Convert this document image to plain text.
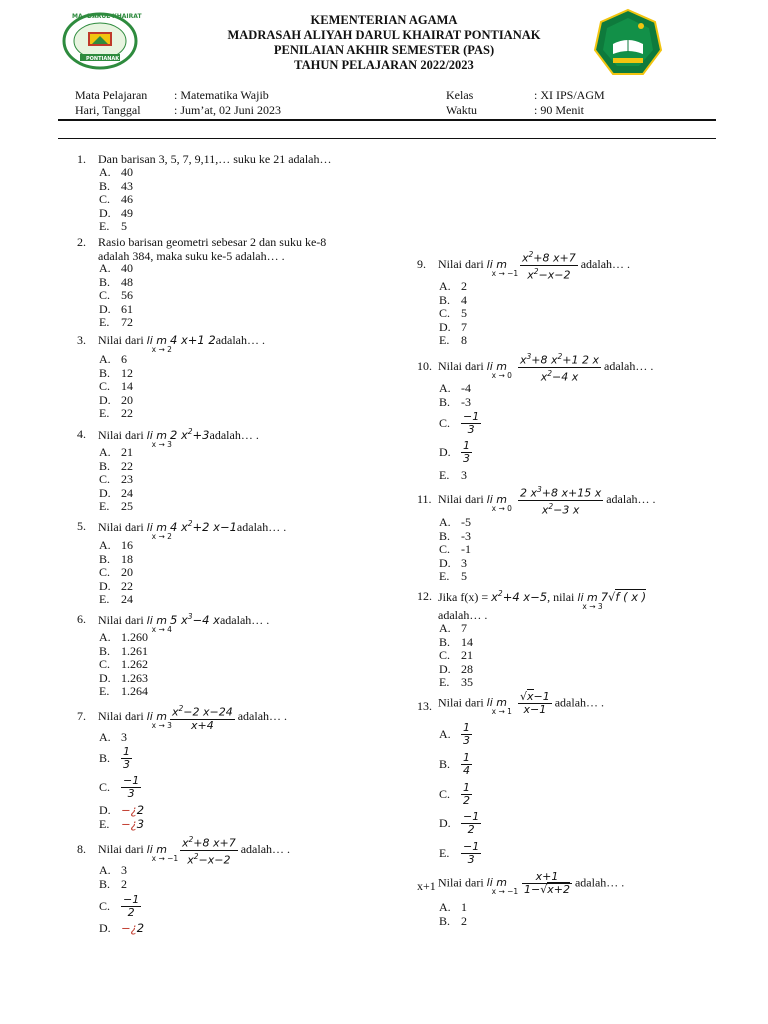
MA. DARUL KHAIRAT
PONTIANAK
KEMENTERIAN AGAMA
MADRASAH ALIYAH DARUL KHAIRAT PONTIANAK
PENILAIAN AKHIR SEMESTER (PAS)
TAHUN PELAJARAN 2022/2023
Mata Pelajaran : Matematika Wajib
Hari, Tanggal	: Jum’at, 02 Juni 2023
Kelas	: XI IPS/AGM
Waktu	: 90 Menit
1. Dan barisan 3, 5, 7, 9,11,… suku ke 21 adalah…
A. 40
B. 43
C. 46
D. 49
E. 5
2. Rasio barisan geometri sebesar 2 dan suku ke-8
adalah 384, maka suku ke-5 adalah… .
A. 40
B. 48
C. 56
D. 61
E. 72
3. Nilai dari li m
x → 2
4 x+1 2adalah… .
A. 6
B. 12
C. 14
D. 20
E. 22
4. Nilai dari li m
x → 3
2 $x^2+3adalah\dots$ .
A. 21
B. 22
C. 23
D. 24
E. 25
5. Nilai dari li m
x → 2
4 $x^2+2$ x−1adalah… .
A. 16
B. 18
C. 20
D. 22
E. 24
6. Nilai dari li m
x → 4
5 $x^3-4$ xadalah… .
A. 1.260
B. 1.261
C. 1.262
D. 1.263
E. 1.264
7. Nilai dari li m
x → 3

$\frac{x^2-2 x-24}{x+4}$ adalah… .
A. 3
B. $\frac{1}{3}$
C. $\frac{-1}{3}$
D. −¿2
E. −¿3
8. Nilai dari li m
x → −1
$\frac{x^2+8 x+7}{x^2-x-2}$ adalah… .
A. 3
B. 2
C. $\frac{-1}{2}$
D. −¿2
9. Nilai dari li m
x → −1
$\frac{x^2+8 x+7}{x^2-x-2}$ adalah… .
A. 2
B. 4
C. 5
D. 7
E. 8
10. Nilai dari li m
x → 0
$\frac{x^3+8 x^2+1 2 x}{x^2-4 x}$ adalah… .
A. -4
B. -3
C. $\frac{-1}{3}$
D. $\frac{1}{3}$
E. 3
11. Nilai dari li m
x → 0
$\frac{2 x^3+8 x+15 x}{x^2-3 x}$ adalah… .
A. -5
B. -3
C. -1
D. 3
E. 5
12. Jika $f(x) = x^2+4$ x−5, nilai li m
x → 3
7√f ( x )
adalah… .
A. 7
B. 14
C. 21
D. 28
E. 35
13. Nilai dari li m
x → 1
$\frac{√x-1}{x-1}$ adalah… .
A. $\frac{1}{3}$
B. $\frac{1}{4}$
C. $\frac{1}{2}$
D. $\frac{-1}{2}$
E. $\frac{-1}{3}$
x+1 Nilai dari li m
x → −1
$\frac{x+1}{1-√x+2}$ adalah… .
A. 1
B. 2
